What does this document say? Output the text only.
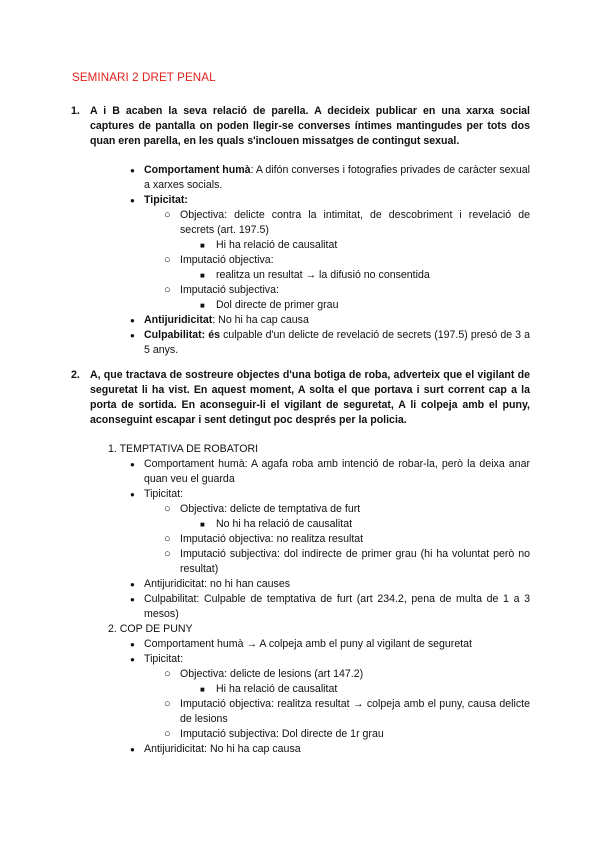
SEMINARI 2 DRET PENAL
1. A i B acaben la seva relació de parella. A decideix publicar en una xarxa social captures de pantalla on poden llegir-se converses íntimes mantingudes per tots dos quan eren parella, en les quals s'inclouen missatges de contingut sexual.

● Comportament humà: A difón converses i fotografies privades de caràcter sexual a xarxes socials.
● Tipicitat:
○ Objectiva: delicte contra la intimitat, de descobriment i revelació de secrets (art. 197.5)
■ Hi ha relació de causalitat
○ Imputació objectiva:
■ realitza un resultat → la difusió no consentida
○ Imputació subjectiva:
■ Dol directe de primer grau
● Antijuridicitat: No hi ha cap causa
● Culpabilitat: és culpable d'un delicte de revelació de secrets (197.5) presó de 3 a 5 anys.
2. A, que tractava de sostreure objectes d'una botiga de roba, adverteix que el vigilant de seguretat li ha vist. En aquest moment, A solta el que portava i surt corrent cap a la porta de sortida. En aconseguir-li el vigilant de seguretat, A li colpeja amb el puny, aconseguint escapar i sent detingut poc després per la policia.

1. TEMPTATIVA DE ROBATORI
● Comportament humà: A agafa roba amb intenció de robar-la, però la deixa anar quan veu el guarda
● Tipicitat:
○ Objectiva: delicte de temptativa de furt
■ No hi ha relació de causalitat
○ Imputació objectiva: no realitza resultat
○ Imputació subjectiva: dol indirecte de primer grau (hi ha voluntat però no resultat)
● Antijuridicitat: no hi han causes
● Culpabilitat: Culpable de temptativa de furt (art 234.2, pena de multa de 1 a 3 mesos)
2. COP DE PUNY
● Comportament humà → A colpeja amb el puny al vigilant de seguretat
● Tipicitat:
○ Objectiva: delicte de lesions (art 147.2)
■ Hi ha relació de causalitat
○ Imputació objectiva: realitza resultat → colpeja amb el puny, causa delicte de lesions
○ Imputació subjectiva: Dol directe de 1r grau
● Antijuridicitat: No hi ha cap causa
